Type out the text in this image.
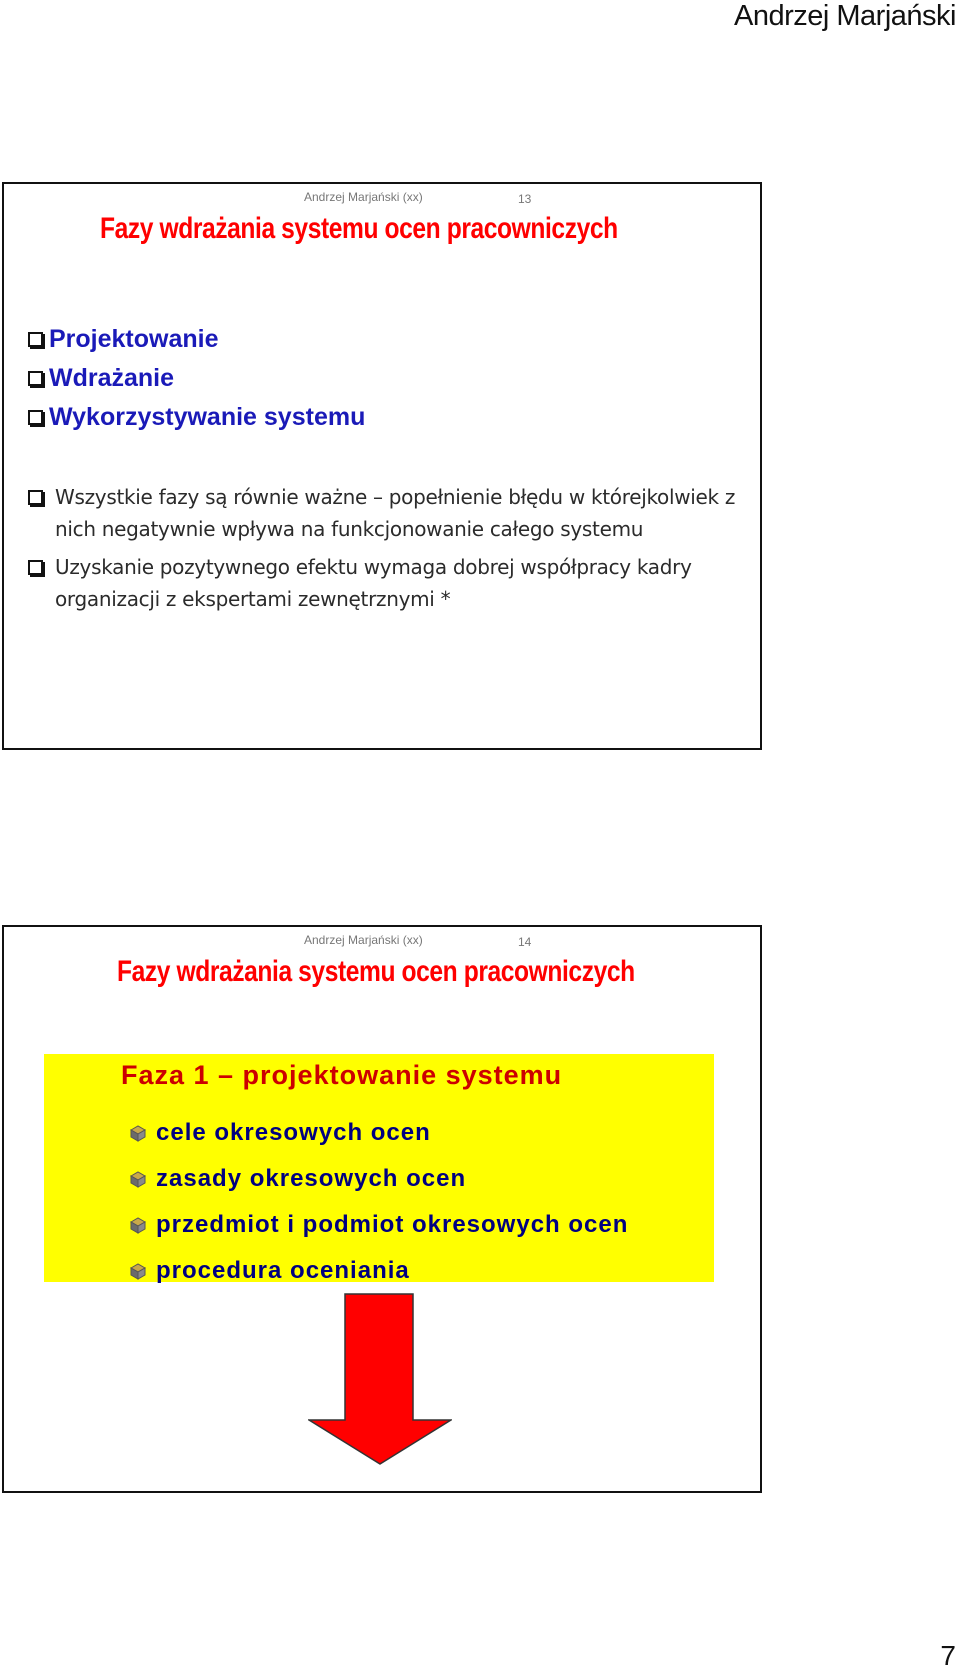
Andrzej Marjański
Andrzej Marjański (xx)	13
Fazy wdrażania systemu ocen pracowniczych
Projektowanie
Wdrażanie
Wykorzystywanie systemu
Wszystkie fazy są równie ważne – popełnienie błędu w którejkolwiek z nich negatywnie wpływa na funkcjonowanie całego systemu
Uzyskanie pozytywnego efektu wymaga dobrej współpracy kadry organizacji z ekspertami zewnętrznymi *
Andrzej Marjański (xx)	14
Fazy wdrażania systemu ocen pracowniczych
Faza 1 – projektowanie systemu
cele okresowych ocen
zasady okresowych ocen
przedmiot i podmiot okresowych ocen
procedura oceniania
7
